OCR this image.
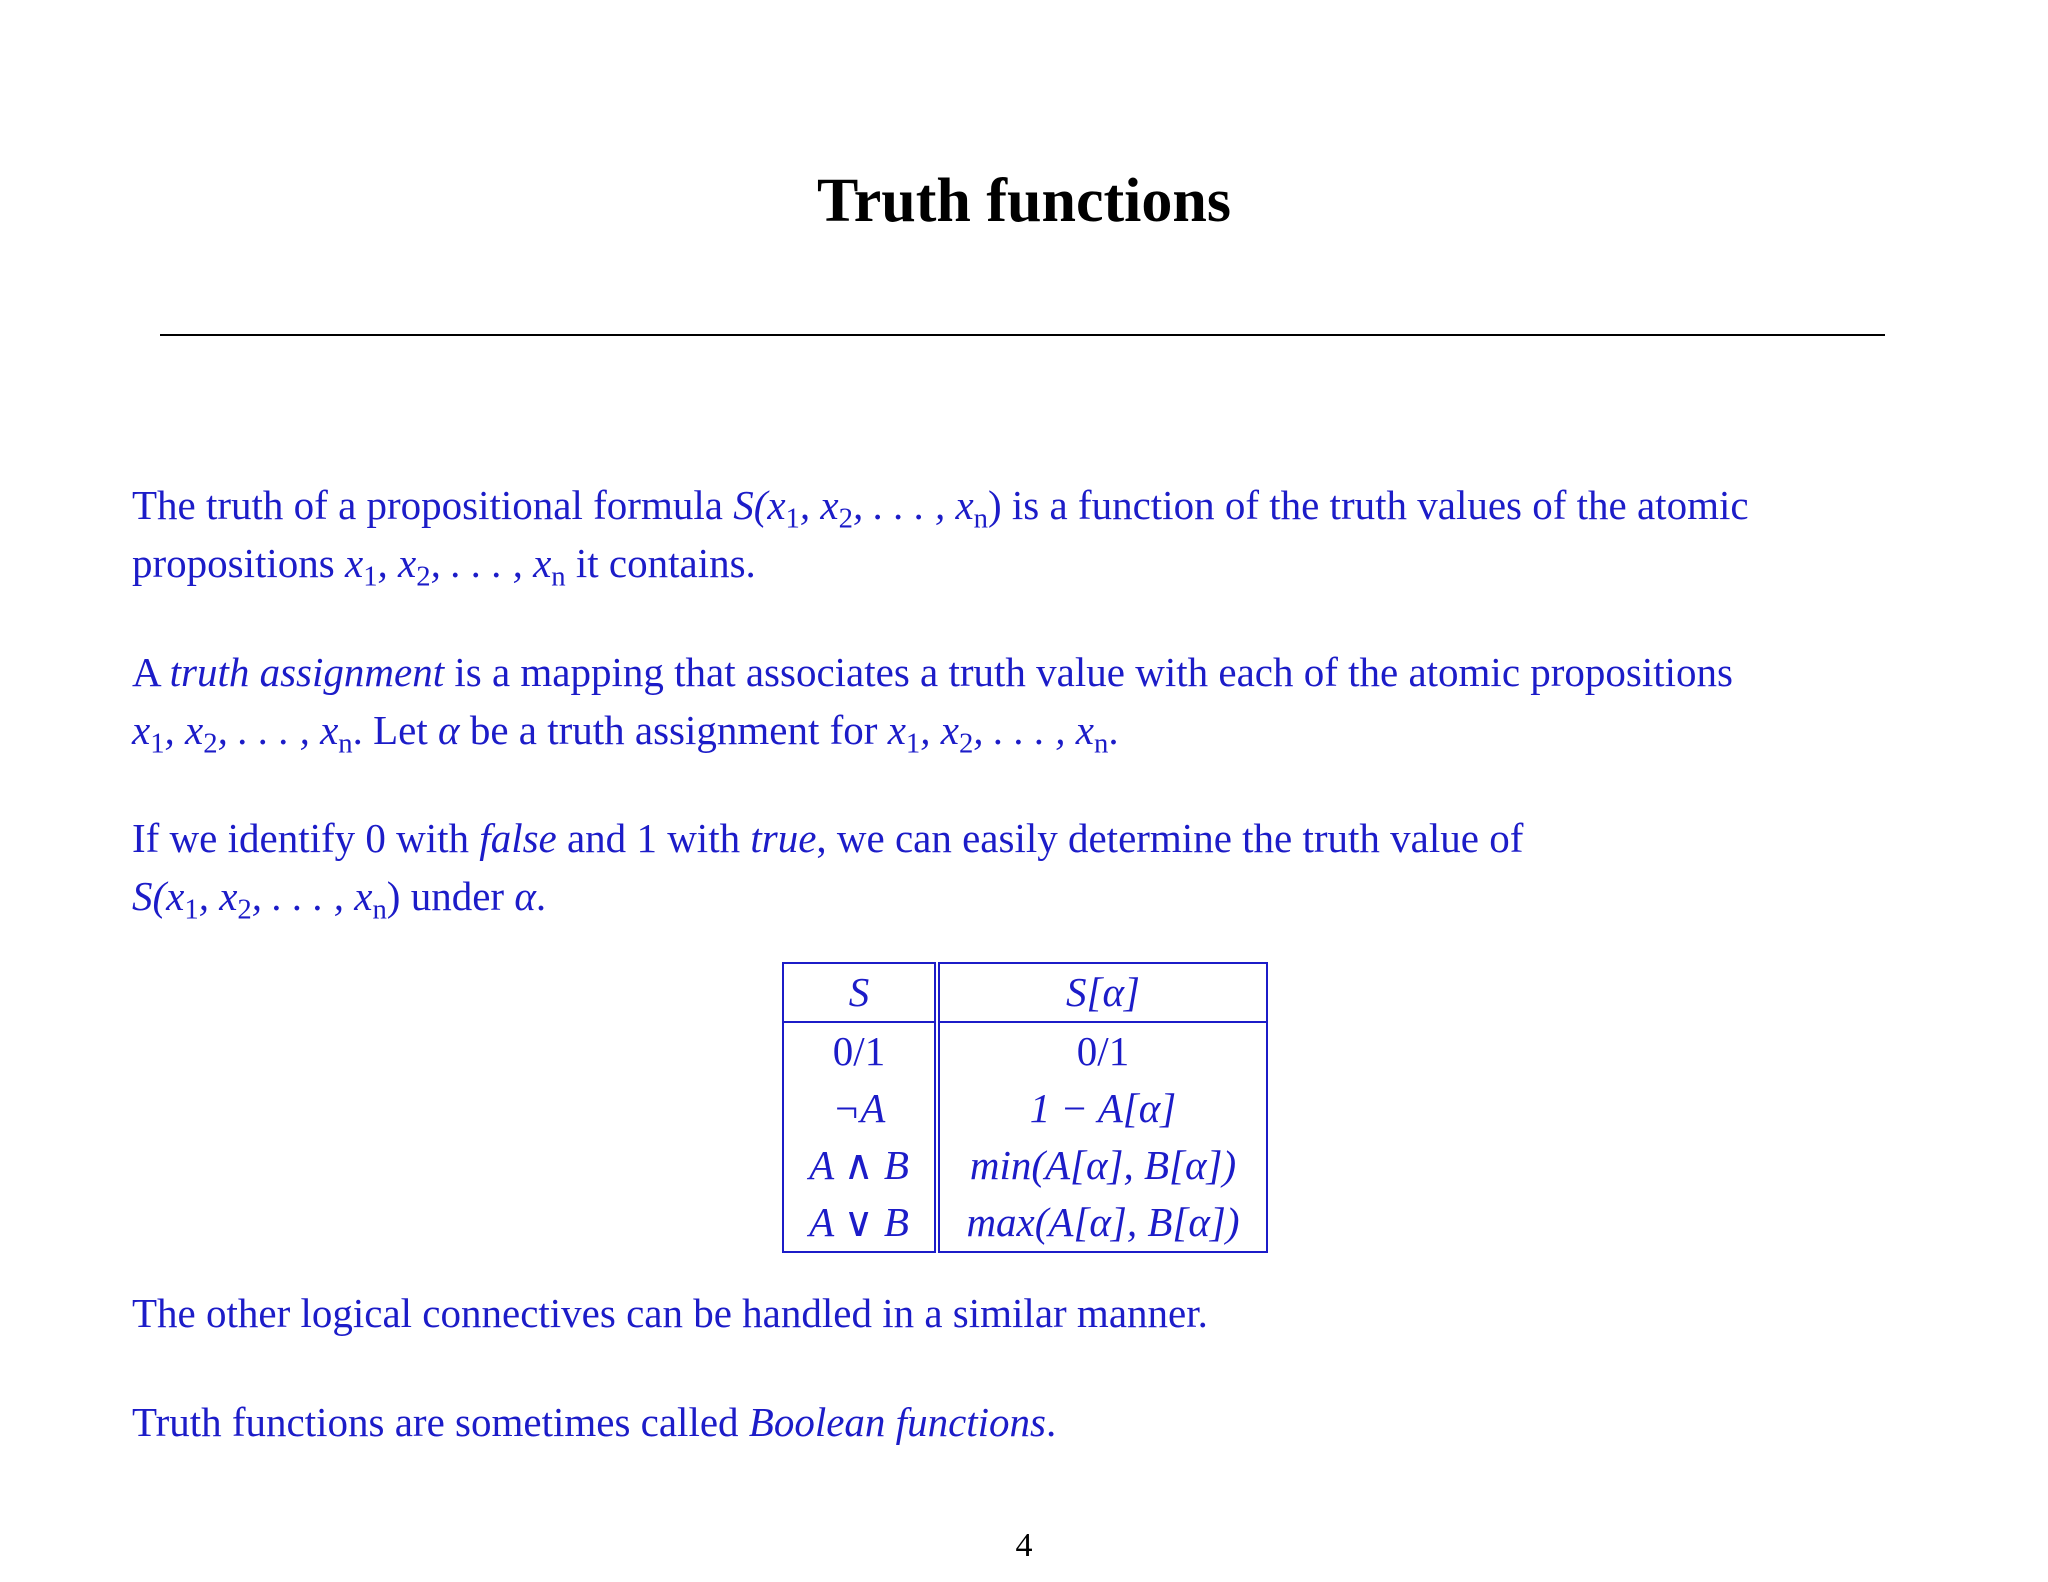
Truth functions
The truth of a propositional formula $S(x_1$, $x_2$, . . . , $x_n$) is a function of the truth values of the atomic
propositions $x_1$, $x_2$, . . . , $x_n$ it contains.
A truth assignment is a mapping that associates a truth value with each of the atomic propositions
$x_1$, $x_2$, . . . , $x_n$. Let α be a truth assignment for $x_1$, $x_2$, . . . , $x_n$.
If we identify 0 with false and 1 with true, we can easily determine the truth value of
$S(x_1$, $x_2$, . . . , $x_n$) under α.
S	S[α]
0/1	0/1
¬A	1 − A[α]
A ∧ B	min(A[α], B[α])
A ∨ B	max(A[α], B[α])
The other logical connectives can be handled in a similar manner.
Truth functions are sometimes called Boolean functions.
4
